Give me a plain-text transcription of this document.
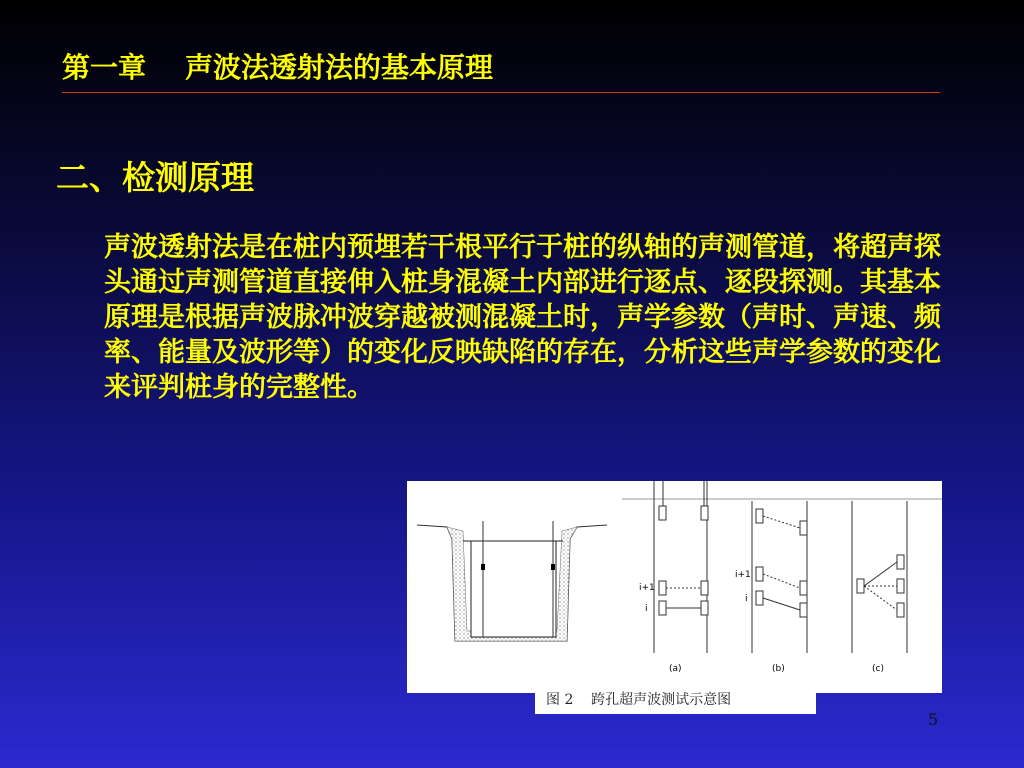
第一章    声波法透射法的基本原理
二、检测原理
声波透射法是在桩内预埋若干根平行于桩的纵轴的声测管道，将超声探头通过声测管道直接伸入桩身混凝土内部进行逐点、逐段探测。其基本原理是根据声波脉冲波穿越被测混凝土时，声学参数（声时、声速、频率、能量及波形等）的变化反映缺陷的存在，分析这些声学参数的变化来评判桩身的完整性。
i+1
i
(a)
i+1
i
(b)	(c)
图 2    跨孔超声波测试示意图
5
